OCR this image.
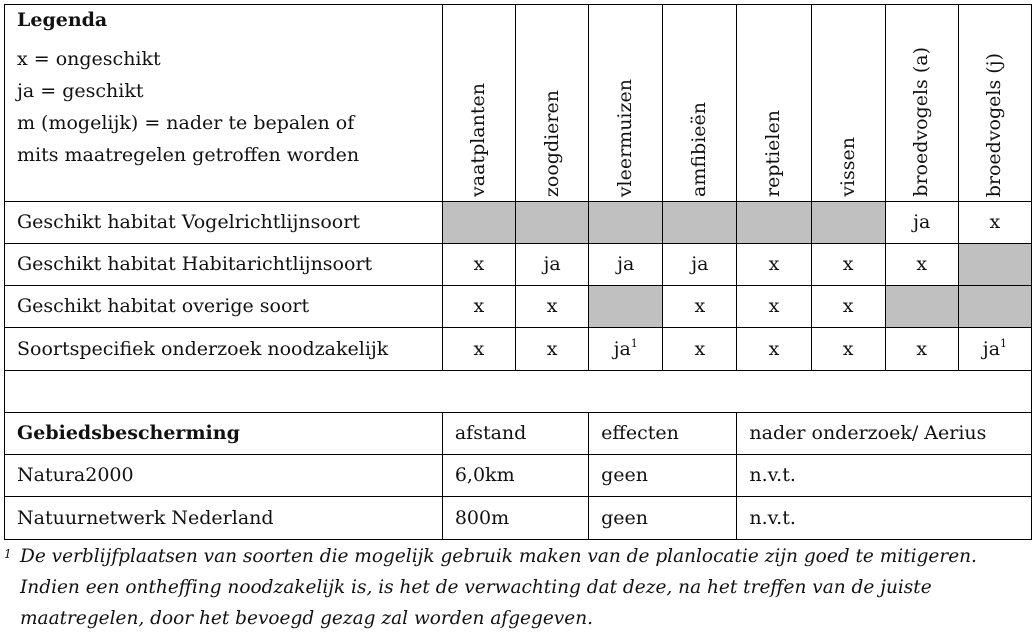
Legenda
x = ongeschikt
ja = geschikt
m (mogelijk) = nader te bepalen of
mits maatregelen getroffen worden	vaatplanten	zoogdieren	vleermuizen	amfibieën	reptielen	vissen	broedvogels (a)	broedvogels (j)
Geschikt habitat Vogelrichtlijnsoort							ja	x
Geschikt habitat Habitarichtlijnsoort	x	ja	ja	ja	x	x	x	
Geschikt habitat overige soort	x	x		x	x	x		
Soortspecifiek onderzoek noodzakelijk	x	x	$ja^1$	x	x	x	x	$ja^1$

Gebiedsbescherming	afstand		effecten		nader onderzoek/ Aerius			
Natura2000	6,0km		geen		n.v.t.			
Natuurnetwerk Nederland	800m		geen		n.v.t.			
1 De verblijfplaatsen van soorten die mogelijk gebruik maken van de planlocatie zijn goed te mitigeren.
Indien een ontheffing noodzakelijk is, is het de verwachting dat deze, na het treffen van de juiste
maatregelen, door het bevoegd gezag zal worden afgegeven.
